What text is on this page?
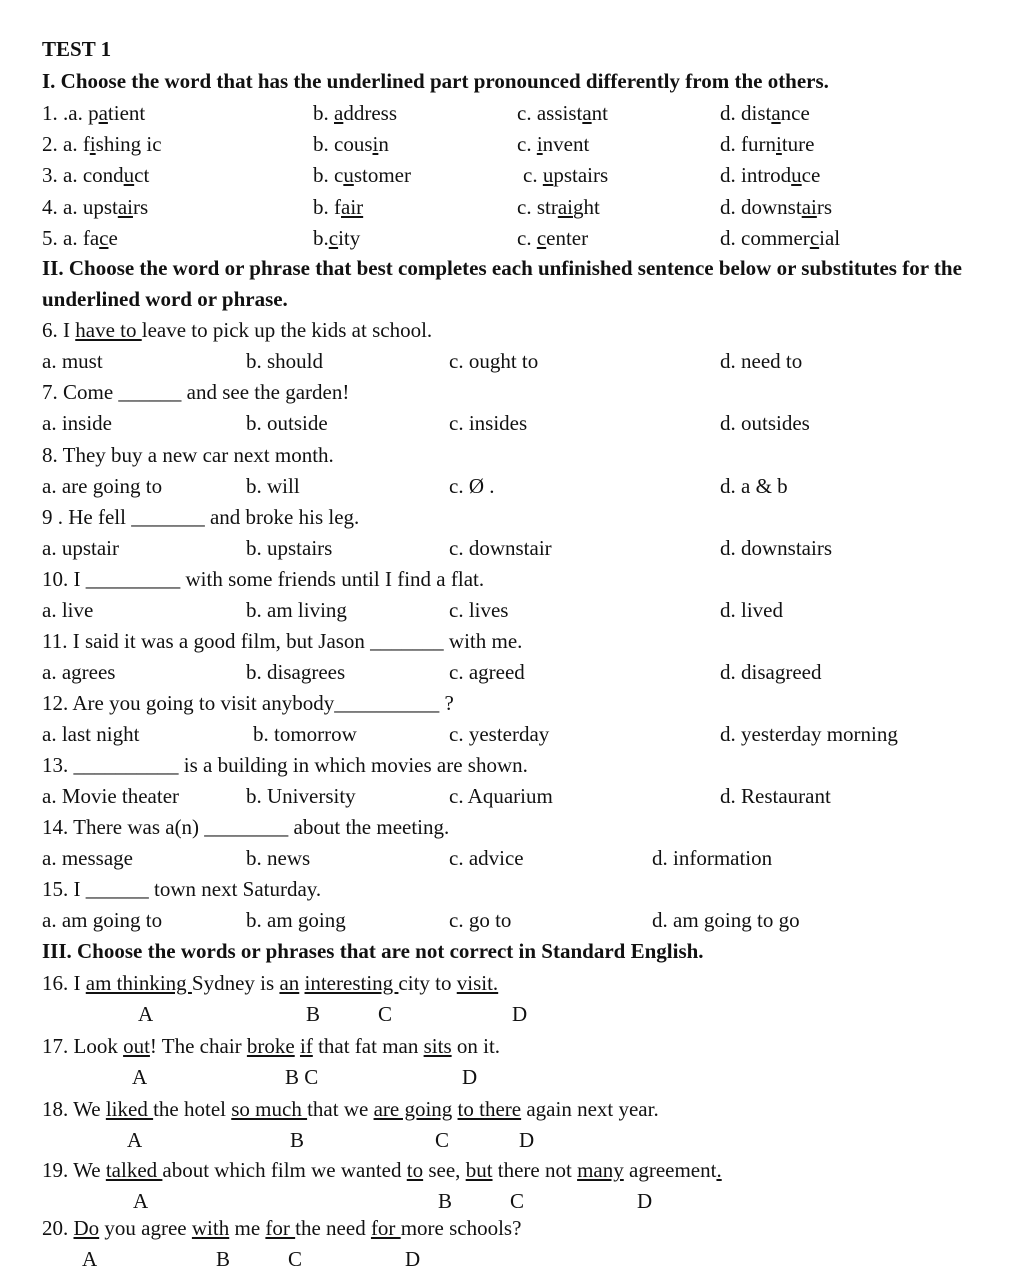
TEST 1
I. Choose the word that has the underlined part pronounced differently from the others.
1. .a. patient	b. address	c. assistant	d. distance
2. a. fishing ic	b. cousin	c. invent	d. furniture
3. a. conduct	b. customer	c. upstairs	d. introduce
4. a. upstairs	b. fair	c. straight	d. downstairs
5. a. face	b.city	c. center	d. commercial
II. Choose the word or phrase that best completes each unfinished sentence below or substitutes for the underlined word or phrase.
6. I have to leave to pick up the kids at school.
a. must	b. should	c. ought to	d. need to
7. Come ______ and see the garden!
a. inside	b. outside	c. insides	d. outsides
8. They buy a new car next month.
a. are going to	b. will	c. Ø .	d. a & b
9 . He fell _______ and broke his leg.
a. upstair	b. upstairs	c. downstair	d. downstairs
10. I _________ with some friends until I find a flat.
a. live	b. am living	c. lives	d. lived
11. I said it was a good film, but Jason _______ with me.
a. agrees	b. disagrees	c. agreed	d. disagreed
12. Are you going to visit anybody__________ ?
a. last night	b. tomorrow	c. yesterday	d. yesterday morning
13. __________ is a building in which movies are shown.
a. Movie theater	b. University	c. Aquarium	d. Restaurant
14. There was a(n) ________ about the meeting.
a. message	b. news	c. advice	d. information
15. I ______ town next Saturday.
a. am going to	b. am going	c. go to	d. am going to go
III. Choose the words or phrases that are not correct in Standard English.
16. I am thinking Sydney is an interesting city to visit.
A	B	C	D
17. Look out! The chair broke if that fat man sits on it.
A	B C	D
18. We liked the hotel so much that we are going to there again next year.
A	B	C	D
19. We talked about which film we wanted to see, but there not many agreement.
A	B	C	D
20. Do you agree with me for the need for more schools?
A	B	C	D
